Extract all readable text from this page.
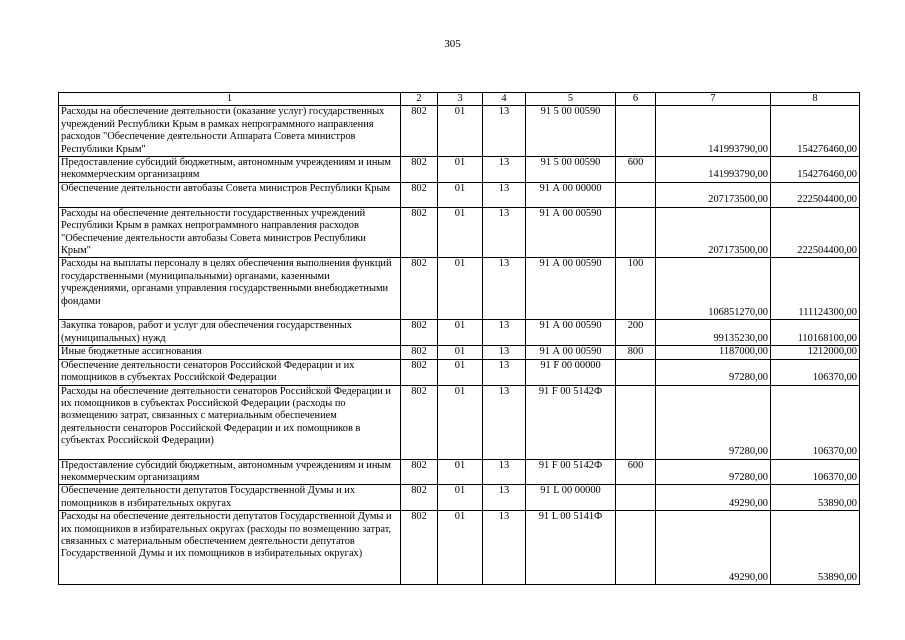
305
1	2	3	4	5	6	7	8
Расходы на обеспечение деятельности (оказание услуг) государственных учреждений Республики Крым в рамках непрограммного направления расходов "Обеспечение деятельности Аппарата Совета министров Республики Крым"	802	01	13	91 5 00 00590		141993790,00	154276460,00
Предоставление субсидий бюджетным, автономным учреждениям и иным некоммерческим организациям	802	01	13	91 5 00 00590	600	141993790,00	154276460,00
Обеспечение деятельности автобазы Совета министров Республики Крым	802	01	13	91 А 00 00000		207173500,00	222504400,00
Расходы на обеспечение деятельности государственных учреждений Республики Крым в рамках непрограммного направления расходов "Обеспечение деятельности автобазы Совета министров Республики Крым"	802	01	13	91 А 00 00590		207173500,00	222504400,00
Расходы на выплаты персоналу в целях обеспечения выполнения функций государственными (муниципальными) органами, казенными учреждениями, органами управления государственными внебюджетными фондами	802	01	13	91 А 00 00590	100	106851270,00	111124300,00
Закупка товаров, работ и услуг для обеспечения государственных (муниципальных) нужд	802	01	13	91 А 00 00590	200	99135230,00	110168100,00
Иные бюджетные ассигнования	802	01	13	91 А 00 00590	800	1187000,00	1212000,00
Обеспечение деятельности сенаторов Российской Федерации и их помощников в субъектах Российской Федерации	802	01	13	91 F 00 00000		97280,00	106370,00
Расходы на обеспечение деятельности сенаторов Российской Федерации и их помощников в субъектах Российской Федерации (расходы по возмещению затрат, связанных с материальным обеспечением деятельности сенаторов Российской Федерации и их помощников в субъектах Российской Федерации)	802	01	13	91 F 00 5142Ф		97280,00	106370,00
Предоставление субсидий бюджетным, автономным учреждениям и иным некоммерческим организациям	802	01	13	91 F 00 5142Ф	600	97280,00	106370,00
Обеспечение деятельности депутатов Государственной Думы и их помощников в избирательных округах	802	01	13	91 L 00 00000		49290,00	53890,00
Расходы на обеспечение деятельности депутатов Государственной Думы и их помощников в избирательных округах (расходы по возмещению затрат, связанных с материальным обеспечением деятельности депутатов Государственной Думы и их помощников в избирательных округах)	802	01	13	91 L 00 5141Ф		49290,00	53890,00
